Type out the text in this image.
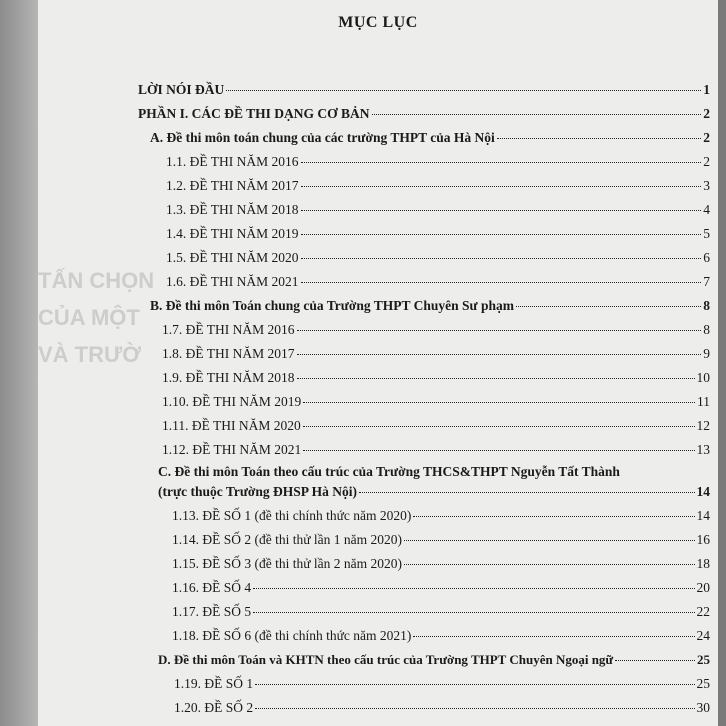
TẤN CHỌN
CỦA MỘT
VÀ TRƯỜ
MỤC LỤC
LỜI NÓI ĐẦU	1
PHẦN I. CÁC ĐỀ THI DẠNG CƠ BẢN	2
A. Đề thi môn toán chung của các trường THPT của Hà Nội	2
1.1. ĐỀ THI NĂM 2016	2
1.2. ĐỀ THI NĂM 2017	3
1.3. ĐỀ THI NĂM 2018	4
1.4. ĐỀ THI NĂM 2019	5
1.5. ĐỀ THI NĂM 2020	6
1.6. ĐỀ THI NĂM 2021	7
B. Đề thi môn Toán chung của Trường THPT Chuyên Sư phạm	8
1.7. ĐỀ THI NĂM 2016	8
1.8. ĐỀ THI NĂM 2017	9
1.9. ĐỀ THI NĂM 2018	10
1.10. ĐỀ THI NĂM 2019	11
1.11. ĐỀ THI NĂM 2020	12
1.12. ĐỀ THI NĂM 2021	13
C. Đề thi môn Toán theo cấu trúc của Trường THCS&THPT Nguyễn Tất Thành
(trực thuộc Trường ĐHSP Hà Nội)	14
1.13. ĐỀ SỐ 1 (đề thi chính thức năm 2020)	14
1.14. ĐỀ SỐ 2 (đề thi thử lần 1 năm 2020)	16
1.15. ĐỀ SỐ 3 (đề thi thử lần 2 năm 2020)	18
1.16. ĐỀ SỐ 4	20
1.17. ĐỀ SỐ 5	22
1.18. ĐỀ SỐ 6 (đề thi chính thức năm 2021)	24
D. Đề thi môn Toán và KHTN theo cấu trúc của Trường THPT Chuyên Ngoại ngữ	25
1.19. ĐỀ SỐ 1	25
1.20. ĐỀ SỐ 2	30
